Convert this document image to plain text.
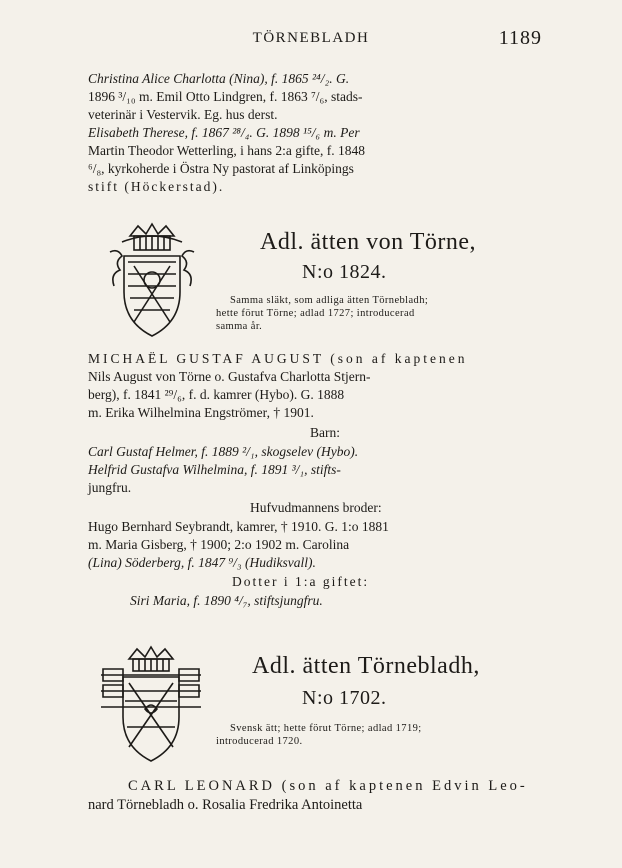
TÖRNEBLADH	1189
Christina Alice Charlotta (Nina), f. 1865 ²⁴/₂. G.
1896 ³/₁₀ m. Emil Otto Lindgren, f. 1863 ⁷/₆, stads-
veterinär i Vestervik. Eg. hus derst.
Elisabeth Therese, f. 1867 ²⁸/₄. G. 1898 ¹⁵/₆ m. Per
Martin Theodor Wetterling, i hans 2:a gifte, f. 1848
⁶/₈, kyrkoherde i Östra Ny pastorat af Linköpings
stift (Höckerstad).
Adl. ätten von Törne,
N:o 1824.
Samma släkt, som adliga ätten Törnebladh;
hette förut Törne; adlad 1727; introducerad
samma år.
MICHAËL GUSTAF AUGUST (son af kaptenen
Nils August von Törne o. Gustafva Charlotta Stjern-
berg), f. 1841 ²⁹/₆, f. d. kamrer (Hybo). G. 1888
m. Erika Wilhelmina Engströmer, † 1901.
Barn:
Carl Gustaf Helmer, f. 1889 ²/₁, skogselev (Hybo).
Helfrid Gustafva Wilhelmina, f. 1891 ³/₁, stifts-
jungfru.
Hufvudmannens broder:
Hugo Bernhard Seybrandt, kamrer, † 1910. G. 1:o 1881
m. Maria Gisberg, † 1900; 2:o 1902 m. Carolina
(Lina) Söderberg, f. 1847 ⁹/₃ (Hudiksvall).
Dotter i 1:a giftet:
Siri Maria, f. 1890 ⁴/₇, stiftsjungfru.
Adl. ätten Törnebladh,
N:o 1702.
Svensk ätt; hette förut Törne; adlad 1719;
introducerad 1720.
CARL LEONARD (son af kaptenen Edvin Leo-
nard Törnebladh o. Rosalia Fredrika Antoinetta
